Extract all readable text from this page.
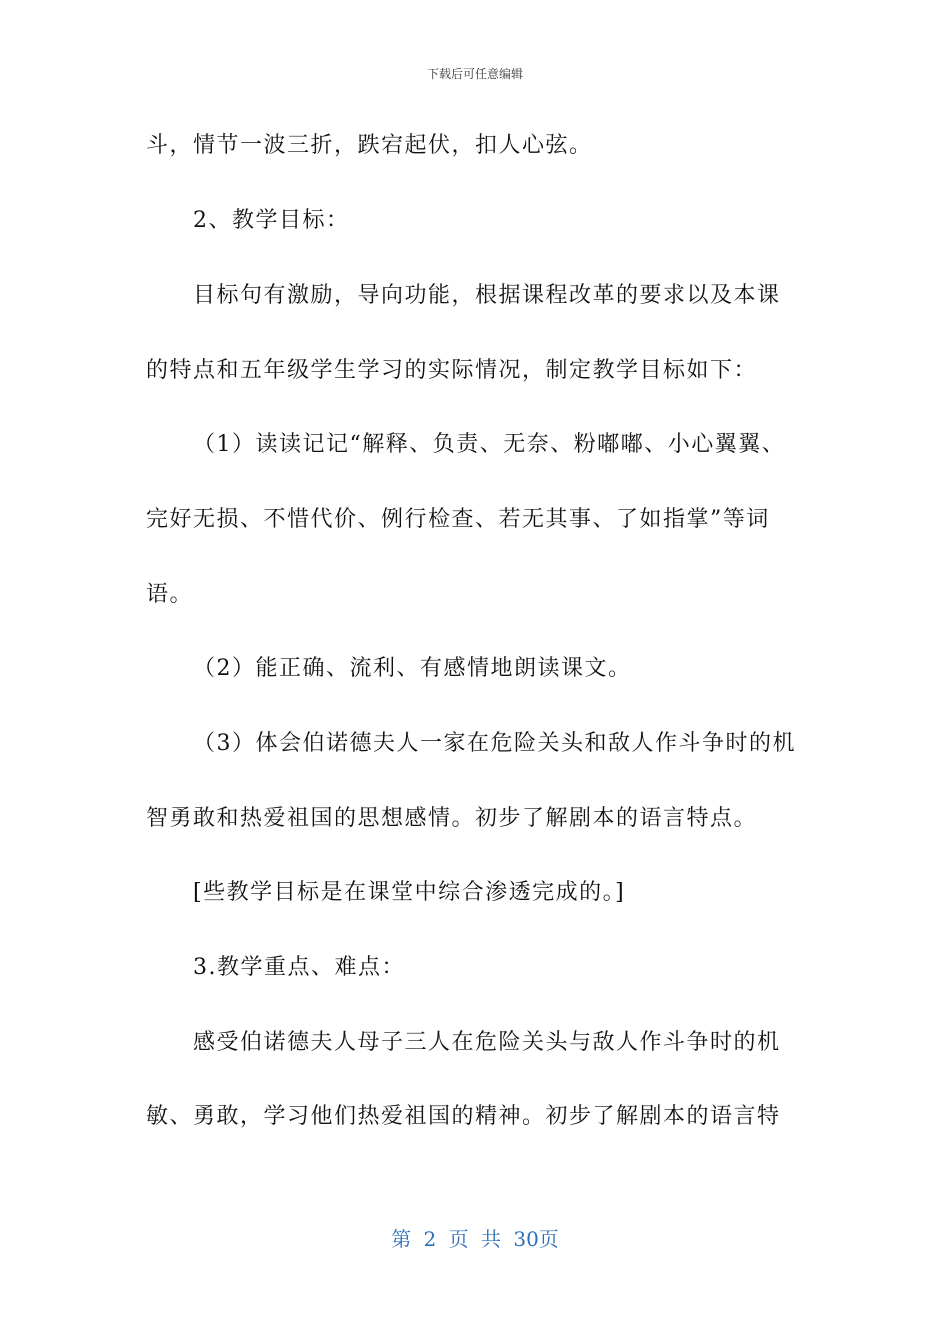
下载后可任意编辑
斗，情节一波三折，跌宕起伏，扣人心弦。
2、教学目标：
目标句有激励，导向功能，根据课程改革的要求以及本课
的特点和五年级学生学习的实际情况，制定教学目标如下：
（1）读读记记“解释、负责、无奈、粉嘟嘟、小心翼翼、
完好无损、不惜代价、例行检查、若无其事、了如指掌”等词
语。
（2）能正确、流利、有感情地朗读课文。
（3）体会伯诺德夫人一家在危险关头和敌人作斗争时的机
智勇敢和热爱祖国的思想感情。初步了解剧本的语言特点。
[些教学目标是在课堂中综合渗透完成的。]
3.教学重点、难点：
感受伯诺德夫人母子三人在危险关头与敌人作斗争时的机
敏、勇敢，学习他们热爱祖国的精神。初步了解剧本的语言特
第 2 页 共 30页
